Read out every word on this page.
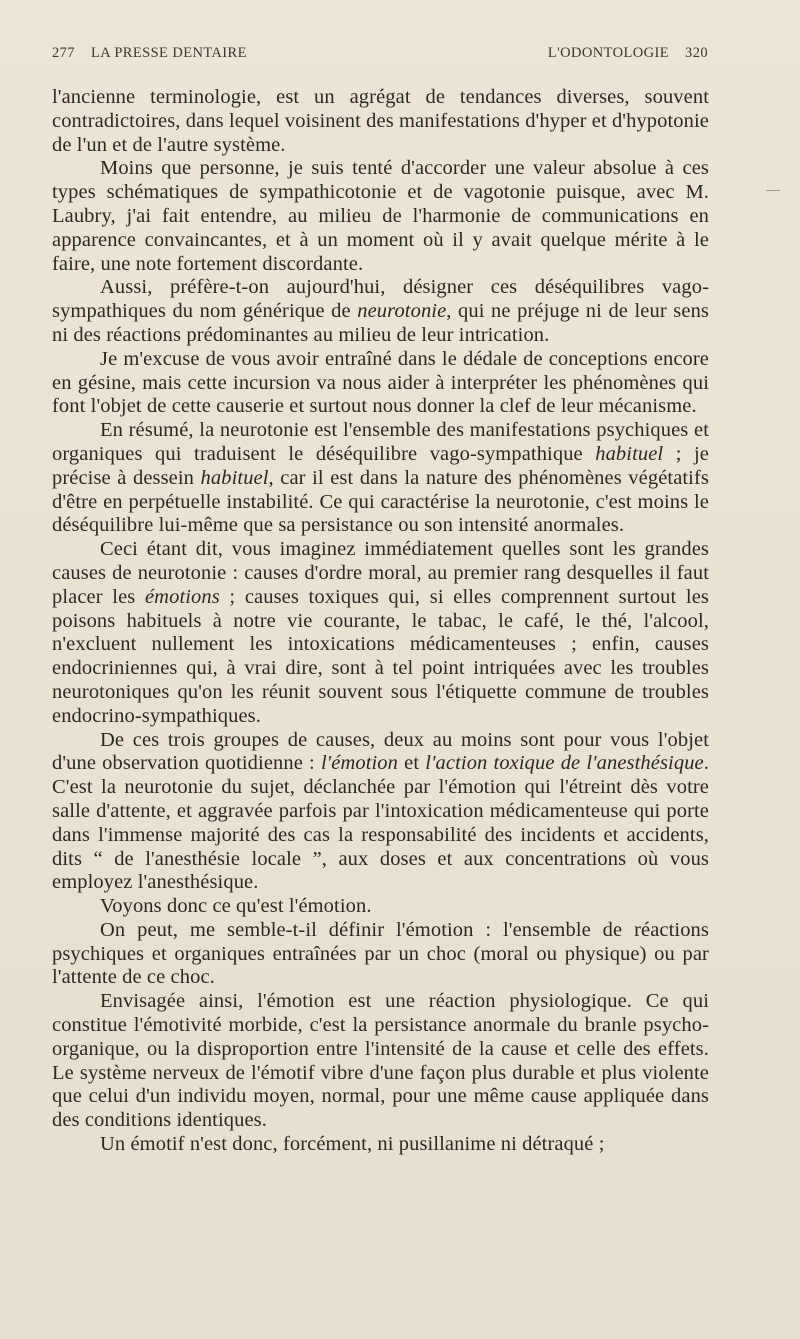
277 LA PRESSE DENTAIRE	L'ODONTOLOGIE 320

l'ancienne terminologie, est un agrégat de tendances diverses, souvent contradictoires, dans lequel voisinent des manifestations d'hyper et d'hypotonie de l'un et de l'autre système.

Moins que personne, je suis tenté d'accorder une valeur absolue à ces types schématiques de sympathicotonie et de vagotonie puisque, avec M. Laubry, j'ai fait entendre, au milieu de l'harmonie de communications en apparence convaincantes, et à un moment où il y avait quelque mérite à le faire, une note fortement discordante.

Aussi, préfère-t-on aujourd'hui, désigner ces déséquilibres vago-sympathiques du nom générique de neurotonie, qui ne préjuge ni de leur sens ni des réactions prédominantes au milieu de leur intrication.

Je m'excuse de vous avoir entraîné dans le dédale de conceptions encore en gésine, mais cette incursion va nous aider à interpréter les phénomènes qui font l'objet de cette causerie et surtout nous donner la clef de leur mécanisme.

En résumé, la neurotonie est l'ensemble des manifestations psychiques et organiques qui traduisent le déséquilibre vago-sympathique habituel ; je précise à dessein habituel, car il est dans la nature des phénomènes végétatifs d'être en perpétuelle instabilité. Ce qui caractérise la neurotonie, c'est moins le déséquilibre lui-même que sa persistance ou son intensité anormales.

Ceci étant dit, vous imaginez immédiatement quelles sont les grandes causes de neurotonie : causes d'ordre moral, au premier rang desquelles il faut placer les émotions ; causes toxiques qui, si elles comprennent surtout les poisons habituels à notre vie courante, le tabac, le café, le thé, l'alcool, n'excluent nullement les intoxications médicamenteuses ; enfin, causes endocriniennes qui, à vrai dire, sont à tel point intriquées avec les troubles neurotoniques qu'on les réunit souvent sous l'étiquette commune de troubles endocrino-sympathiques.

De ces trois groupes de causes, deux au moins sont pour vous l'objet d'une observation quotidienne : l'émotion et l'action toxique de l'anesthésique. C'est la neurotonie du sujet, déclanchée par l'émotion qui l'étreint dès votre salle d'attente, et aggravée parfois par l'intoxication médicamenteuse qui porte dans l'immense majorité des cas la responsabilité des incidents et accidents, dits “ de l'anesthésie locale ”, aux doses et aux concentrations où vous employez l'anesthésique.

Voyons donc ce qu'est l'émotion.

On peut, me semble-t-il définir l'émotion : l'ensemble de réactions psychiques et organiques entraînées par un choc (moral ou physique) ou par l'attente de ce choc.

Envisagée ainsi, l'émotion est une réaction physiologique. Ce qui constitue l'émotivité morbide, c'est la persistance anormale du branle psycho-organique, ou la disproportion entre l'intensité de la cause et celle des effets. Le système nerveux de l'émotif vibre d'une façon plus durable et plus violente que celui d'un individu moyen, normal, pour une même cause appliquée dans des conditions identiques.

Un émotif n'est donc, forcément, ni pusillanime ni détraqué ;
